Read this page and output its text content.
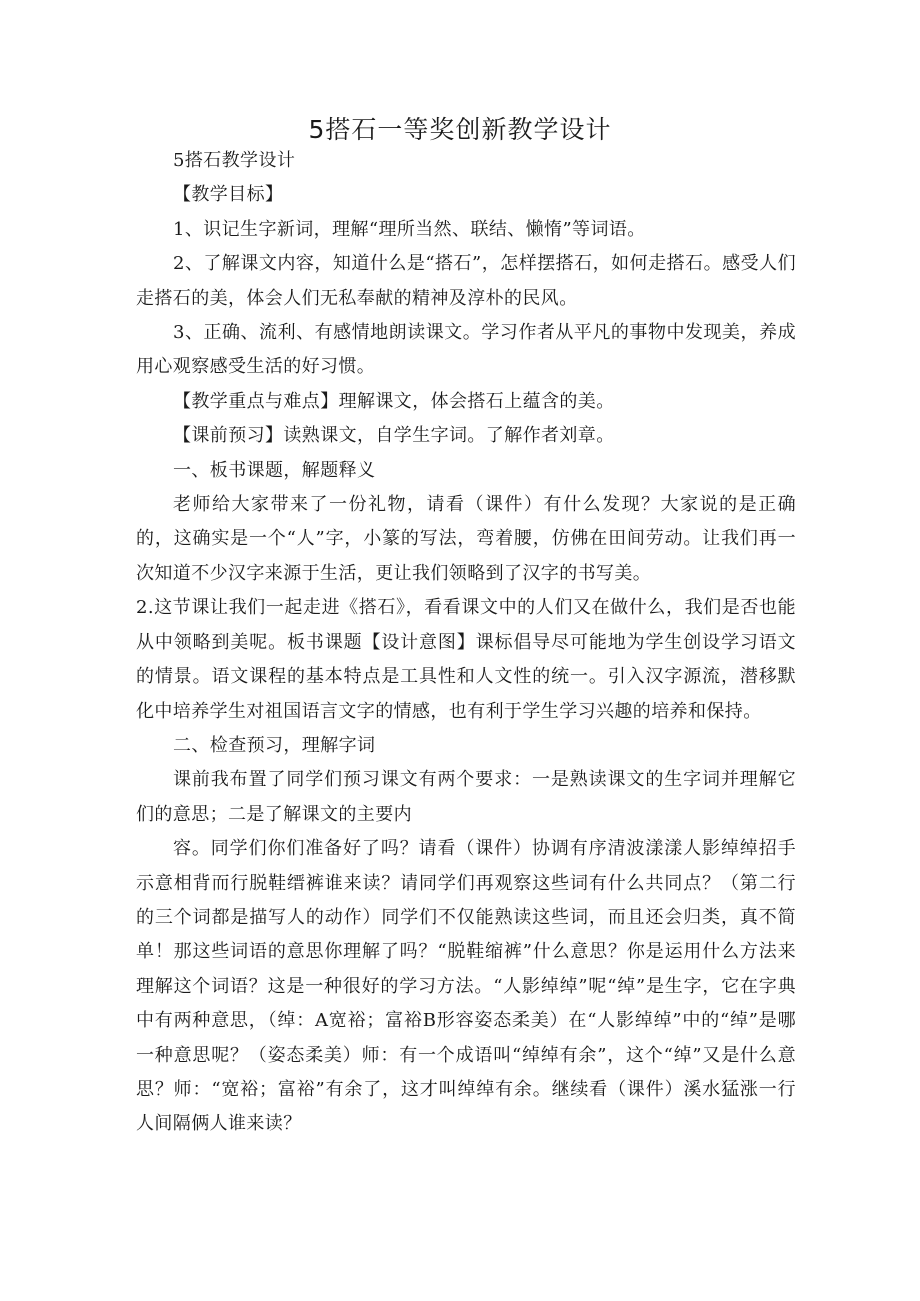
5搭石一等奖创新教学设计

5搭石教学设计

【教学目标】

1、识记生字新词，理解“理所当然、联结、懒惰”等词语。

2、了解课文内容，知道什么是“搭石”，怎样摆搭石，如何走搭石。感受人们走搭石的美，体会人们无私奉献的精神及淳朴的民风。

3、正确、流利、有感情地朗读课文。学习作者从平凡的事物中发现美，养成用心观察感受生活的好习惯。

【教学重点与难点】理解课文，体会搭石上蕴含的美。

【课前预习】读熟课文，自学生字词。了解作者刘章。

一、板书课题，解题释义

老师给大家带来了一份礼物，请看（课件）有什么发现？大家说的是正确的，这确实是一个“人”字，小篆的写法，弯着腰，仿佛在田间劳动。让我们再一次知道不少汉字来源于生活，更让我们领略到了汉字的书写美。

2.这节课让我们一起走进《搭石》，看看课文中的人们又在做什么，我们是否也能从中领略到美呢。板书课题【设计意图】课标倡导尽可能地为学生创设学习语文的情景。语文课程的基本特点是工具性和人文性的统一。引入汉字源流，潜移默化中培养学生对祖国语言文字的情感，也有利于学生学习兴趣的培养和保持。

二、检查预习，理解字词

课前我布置了同学们预习课文有两个要求：一是熟读课文的生字词并理解它们的意思；二是了解课文的主要内

容。同学们你们准备好了吗？请看（课件）协调有序清波漾漾人影绰绰招手示意相背而行脱鞋缙裤谁来读？请同学们再观察这些词有什么共同点？（第二行的三个词都是描写人的动作）同学们不仅能熟读这些词，而且还会归类，真不简单！那这些词语的意思你理解了吗？“脱鞋缩裤”什么意思？你是运用什么方法来理解这个词语？这是一种很好的学习方法。“人影绰绰”呢“绰”是生字，它在字典中有两种意思，（绰：A宽裕；富裕B形容姿态柔美）在“人影绰绰”中的“绰”是哪一种意思呢？（姿态柔美）师：有一个成语叫“绰绰有余”，这个“绰”又是什么意思？师：“宽裕；富裕”有余了，这才叫绰绰有余。继续看（课件）溪水猛涨一行人间隔俩人谁来读？
